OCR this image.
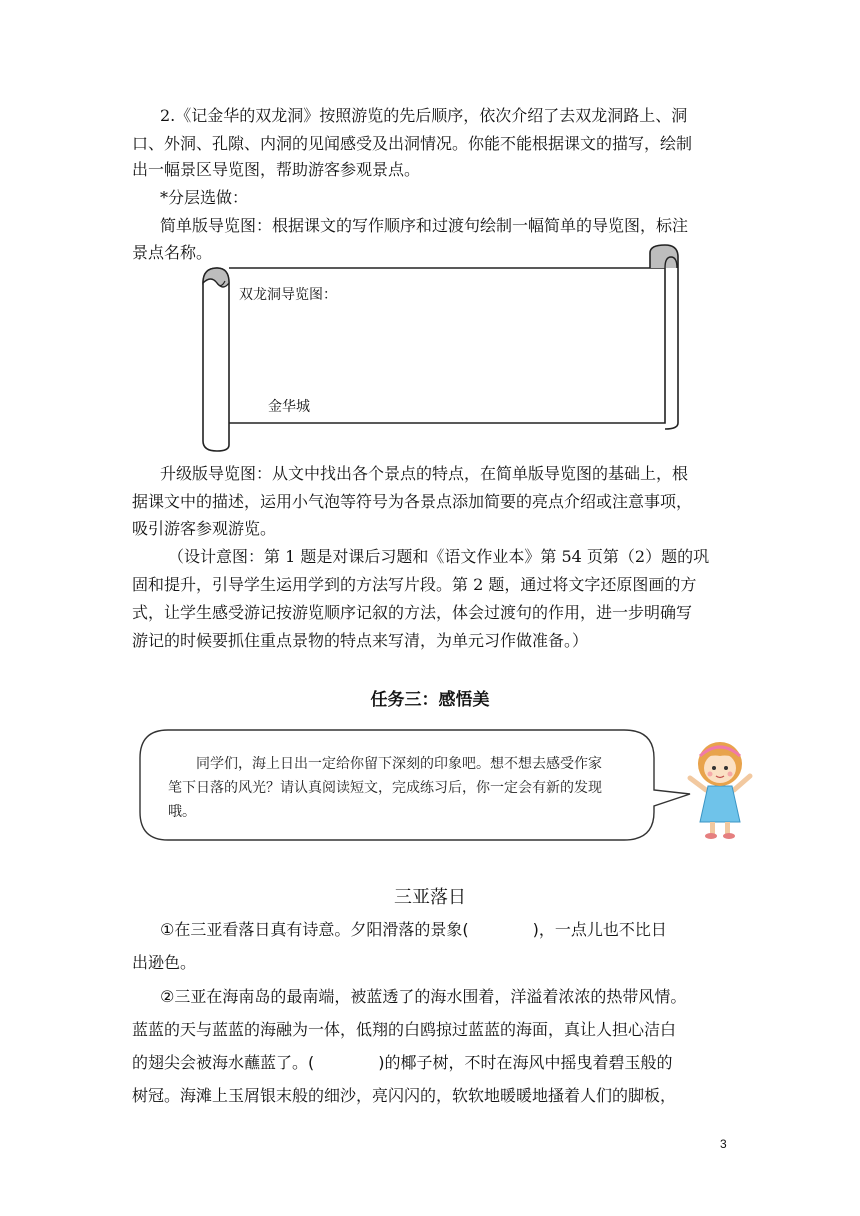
2.《记金华的双龙洞》按照游览的先后顺序，依次介绍了去双龙洞路上、洞
口、外洞、孔隙、内洞的见闻感受及出洞情况。你能不能根据课文的描写，绘制
出一幅景区导览图，帮助游客参观景点。
*分层选做：
简单版导览图：根据课文的写作顺序和过渡句绘制一幅简单的导览图，标注
景点名称。
双龙洞导览图：
金华城
升级版导览图：从文中找出各个景点的特点，在简单版导览图的基础上，根
据课文中的描述，运用小气泡等符号为各景点添加简要的亮点介绍或注意事项，
吸引游客参观游览。
（设计意图：第 1 题是对课后习题和《语文作业本》第 54 页第（2）题的巩
固和提升，引导学生运用学到的方法写片段。第 2 题，通过将文字还原图画的方
式，让学生感受游记按游览顺序记叙的方法，体会过渡句的作用，进一步明确写
游记的时候要抓住重点景物的特点来写清，为单元习作做准备。）
任务三：感悟美
同学们，海上日出一定给你留下深刻的印象吧。想不想去感受作家
笔下日落的风光？请认真阅读短文，完成练习后，你一定会有新的发现
哦。
三亚落日
①在三亚看落日真有诗意。夕阳滑落的景象(　　　　)，一点儿也不比日
出逊色。
②三亚在海南岛的最南端，被蓝透了的海水围着，洋溢着浓浓的热带风情。
蓝蓝的天与蓝蓝的海融为一体，低翔的白鸥掠过蓝蓝的海面，真让人担心洁白
的翅尖会被海水蘸蓝了。(　　　　)的椰子树，不时在海风中摇曳着碧玉般的
树冠。海滩上玉屑银末般的细沙，亮闪闪的，软软地暖暖地搔着人们的脚板，
3
